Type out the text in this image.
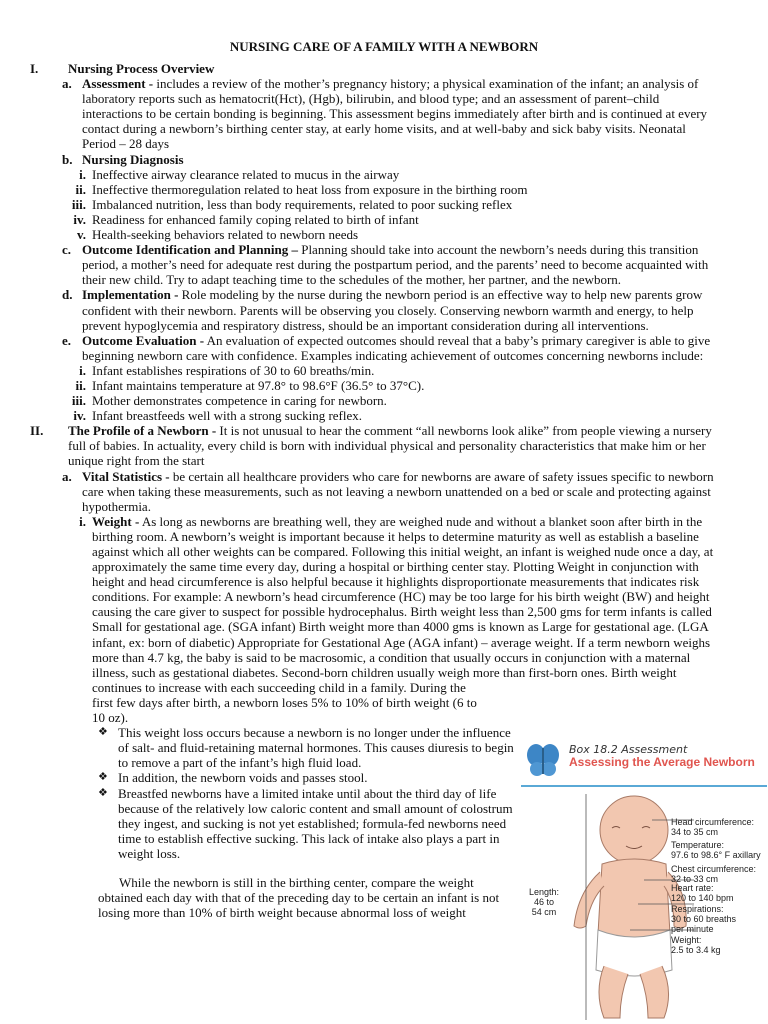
NURSING CARE OF A FAMILY WITH A NEWBORN
I.	Nursing Process Overview
a. Assessment - includes a review of the mother’s pregnancy history; a physical examination of the infant; an analysis of laboratory reports such as hematocrit(Hct), (Hgb), bilirubin, and blood type; and an assessment of parent–child interactions to be certain bonding is beginning. This assessment begins immediately after birth and is continued at every contact during a newborn’s birthing center stay, at early home visits, and at well-baby and sick baby visits. Neonatal Period – 28 days
b. Nursing Diagnosis
i. Ineffective airway clearance related to mucus in the airway
ii. Ineffective thermoregulation related to heat loss from exposure in the birthing room
iii. Imbalanced nutrition, less than body requirements, related to poor sucking reflex
iv. Readiness for enhanced family coping related to birth of infant
v. Health-seeking behaviors related to newborn needs
c. Outcome Identification and Planning – Planning should take into account the newborn’s needs during this transition period, a mother’s need for adequate rest during the postpartum period, and the parents’ need to become acquainted with their new child. Try to adapt teaching time to the schedules of the mother, her partner, and the newborn.
d. Implementation - Role modeling by the nurse during the newborn period is an effective way to help new parents grow confident with their newborn. Parents will be observing you closely. Conserving newborn warmth and energy, to help prevent hypoglycemia and respiratory distress, should be an important consideration during all interventions.
e. Outcome Evaluation - An evaluation of expected outcomes should reveal that a baby’s primary caregiver is able to give beginning newborn care with confidence. Examples indicating achievement of outcomes concerning newborns include:
i. Infant establishes respirations of 30 to 60 breaths/min.
ii. Infant maintains temperature at 97.8° to 98.6°F (36.5° to 37°C).
iii. Mother demonstrates competence in caring for newborn.
iv. Infant breastfeeds well with a strong sucking reflex.
II.	The Profile of a Newborn - It is not unusual to hear the comment “all newborns look alike” from people viewing a nursery full of babies. In actuality, every child is born with individual physical and personality characteristics that make him or her unique right from the start
a. Vital Statistics - be certain all healthcare providers who care for newborns are aware of safety issues specific to newborn care when taking these measurements, such as not leaving a newborn unattended on a bed or scale and protecting against hypothermia.
i. Weight - As long as newborns are breathing well, they are weighed nude and without a blanket soon after birth in the birthing room. A newborn’s weight is important because it helps to determine maturity as well as establish a baseline against which all other weights can be compared. Following this initial weight, an infant is weighed nude once a day, at approximately the same time every day, during a hospital or birthing center stay. Plotting Weight in conjunction with height and head circumference is also helpful because it highlights disproportionate measurements that indicates risk conditions. For example: A newborn’s head circumference (HC) may be too large for his birth weight (BW) and height causing the care giver to suspect for possible hydrocephalus. Birth weight less than 2,500 gms for term infants is called Small for gestational age. (SGA infant) Birth weight more than 4000 gms is known as Large for gestational age. (LGA infant, ex: born of diabetic) Appropriate for Gestational Age (AGA infant) – average weight. If a term newborn weighs more than 4.7 kg, the baby is said to be macrosomic, a condition that usually occurs in conjunction with a maternal illness, such as gestational diabetes. Second-born children usually weigh more than first-born ones. Birth weight
continues to increase with each succeeding child in a family. During the first few days after birth, a newborn loses 5% to 10% of birth weight (6 to 10 oz).
❖ This weight loss occurs because a newborn is no longer under the influence of salt- and fluid-retaining maternal hormones. This causes diuresis to begin to remove a part of the infant’s high fluid load.
❖ In addition, the newborn voids and passes stool.
❖ Breastfed newborns have a limited intake until about the third day of life because of the relatively low caloric content and small amount of colostrum they ingest, and sucking is not yet established; formula-fed newborns need time to establish effective sucking. This lack of intake also plays a part in weight loss.
While the newborn is still in the birthing center, compare the weight obtained each day with that of the preceding day to be certain an infant is not losing more than 10% of birth weight because abnormal loss of weight
Box 18.2 Assessment
Assessing the Average Newborn
Head circumference:
34 to 35 cm
Temperature:
97.6 to 98.6° F axillary
Chest circumference:
32 to 33 cm
Heart rate:
120 to 140 bpm
Respirations:
30 to 60 breaths
per minute
Weight:
2.5 to 3.4 kg
Length:
46 to
54 cm
